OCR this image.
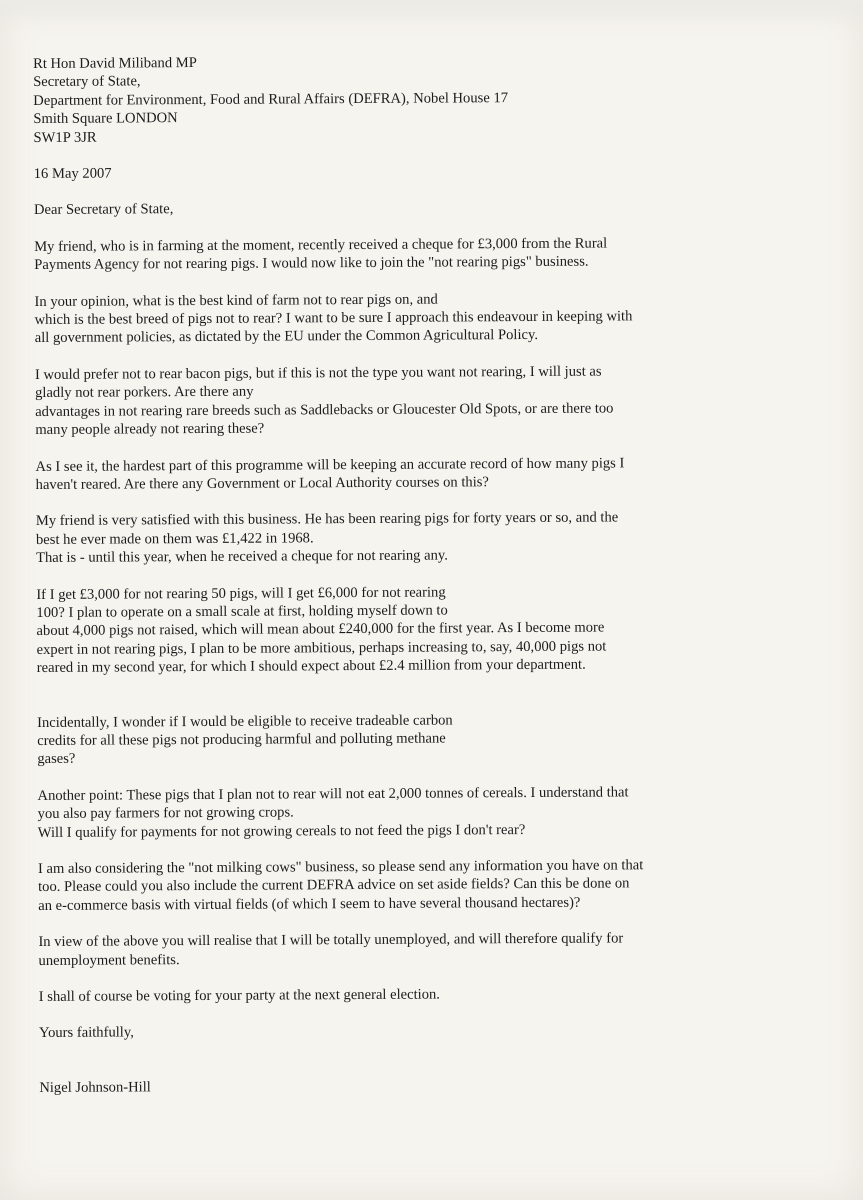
Rt Hon David Miliband MP
Secretary of State,
Department for Environment, Food and Rural Affairs (DEFRA), Nobel House 17
Smith Square LONDON
SW1P 3JR
16 May 2007
Dear Secretary of State,
My friend, who is in farming at the moment, recently received a cheque for £3,000 from the Rural
Payments Agency for not rearing pigs. I would now like to join the "not rearing pigs" business.
In your opinion, what is the best kind of farm not to rear pigs on, and
which is the best breed of pigs not to rear? I want to be sure I approach this endeavour in keeping with
all government policies, as dictated by the EU under the Common Agricultural Policy.
I would prefer not to rear bacon pigs, but if this is not the type you want not rearing, I will just as
gladly not rear porkers. Are there any
advantages in not rearing rare breeds such as Saddlebacks or Gloucester Old Spots, or are there too
many people already not rearing these?
As I see it, the hardest part of this programme will be keeping an accurate record of how many pigs I
haven't reared. Are there any Government or Local Authority courses on this?
My friend is very satisfied with this business. He has been rearing pigs for forty years or so, and the
best he ever made on them was £1,422 in 1968.
That is - until this year, when he received a cheque for not rearing any.
If I get £3,000 for not rearing 50 pigs, will I get £6,000 for not rearing
100? I plan to operate on a small scale at first, holding myself down to
about 4,000 pigs not raised, which will mean about £240,000 for the first year. As I become more
expert in not rearing pigs, I plan to be more ambitious, perhaps increasing to, say, 40,000 pigs not
reared in my second year, for which I should expect about £2.4 million from your department.
Incidentally, I wonder if I would be eligible to receive tradeable carbon
credits for all these pigs not producing harmful and polluting methane
gases?
Another point: These pigs that I plan not to rear will not eat 2,000 tonnes of cereals. I understand that
you also pay farmers for not growing crops.
Will I qualify for payments for not growing cereals to not feed the pigs I don't rear?
I am also considering the "not milking cows" business, so please send any information you have on that
too. Please could you also include the current DEFRA advice on set aside fields? Can this be done on
an e-commerce basis with virtual fields (of which I seem to have several thousand hectares)?
In view of the above you will realise that I will be totally unemployed, and will therefore qualify for
unemployment benefits.
I shall of course be voting for your party at the next general election.
Yours faithfully,
Nigel Johnson-Hill
